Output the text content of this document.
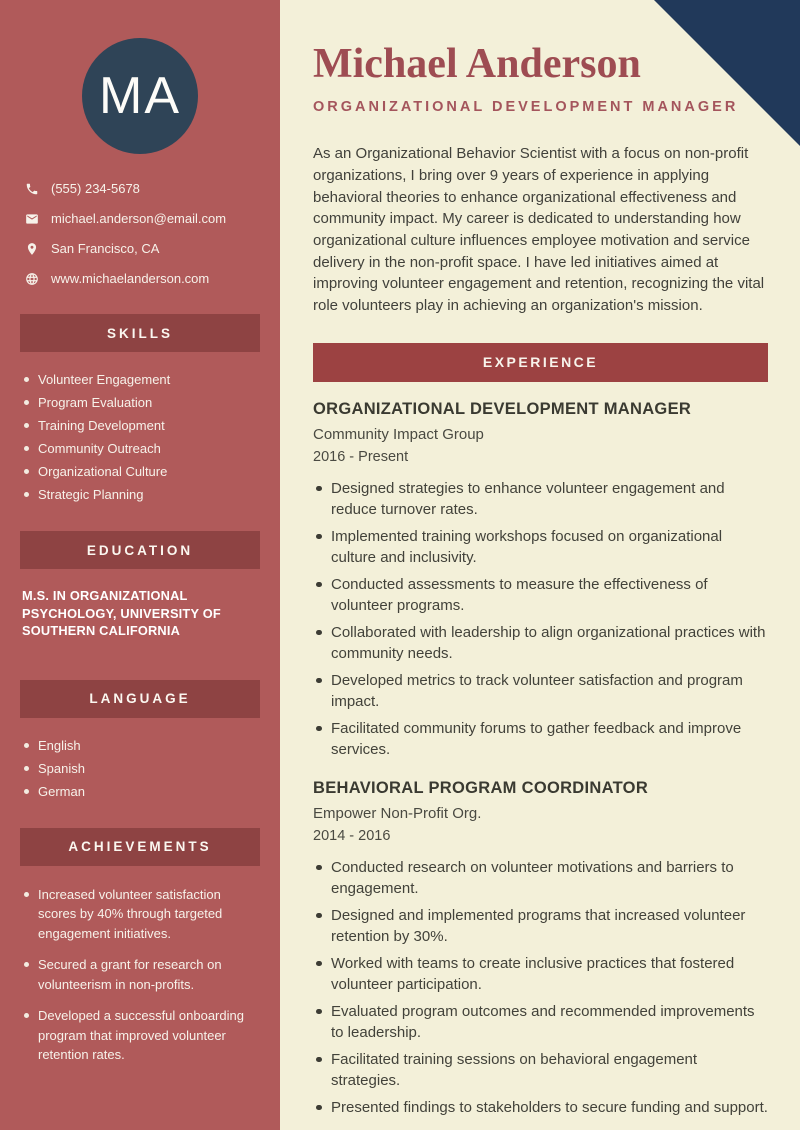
MA
(555) 234-5678
michael.anderson@email.com
San Francisco, CA
www.michaelanderson.com
SKILLS
Volunteer Engagement
Program Evaluation
Training Development
Community Outreach
Organizational Culture
Strategic Planning
EDUCATION

M.S. IN ORGANIZATIONAL PSYCHOLOGY, UNIVERSITY OF SOUTHERN CALIFORNIA

LANGUAGE
English
Spanish
German
ACHIEVEMENTS
Increased volunteer satisfaction scores by 40% through targeted engagement initiatives.
Secured a grant for research on volunteerism in non-profits.
Developed a successful onboarding program that improved volunteer retention rates.
Michael Anderson
ORGANIZATIONAL DEVELOPMENT MANAGER

As an Organizational Behavior Scientist with a focus on non-profit organizations, I bring over 9 years of experience in applying behavioral theories to enhance organizational effectiveness and community impact. My career is dedicated to understanding how organizational culture influences employee motivation and service delivery in the non-profit space. I have led initiatives aimed at improving volunteer engagement and retention, recognizing the vital role volunteers play in achieving an organization's mission.

EXPERIENCE
ORGANIZATIONAL DEVELOPMENT MANAGER
Community Impact Group
2016 - Present
Designed strategies to enhance volunteer engagement and reduce turnover rates.
Implemented training workshops focused on organizational culture and inclusivity.
Conducted assessments to measure the effectiveness of volunteer programs.
Collaborated with leadership to align organizational practices with community needs.
Developed metrics to track volunteer satisfaction and program impact.
Facilitated community forums to gather feedback and improve services.
BEHAVIORAL PROGRAM COORDINATOR
Empower Non-Profit Org.
2014 - 2016
Conducted research on volunteer motivations and barriers to engagement.
Designed and implemented programs that increased volunteer retention by 30%.
Worked with teams to create inclusive practices that fostered volunteer participation.
Evaluated program outcomes and recommended improvements to leadership.
Facilitated training sessions on behavioral engagement strategies.
Presented findings to stakeholders to secure funding and support.
